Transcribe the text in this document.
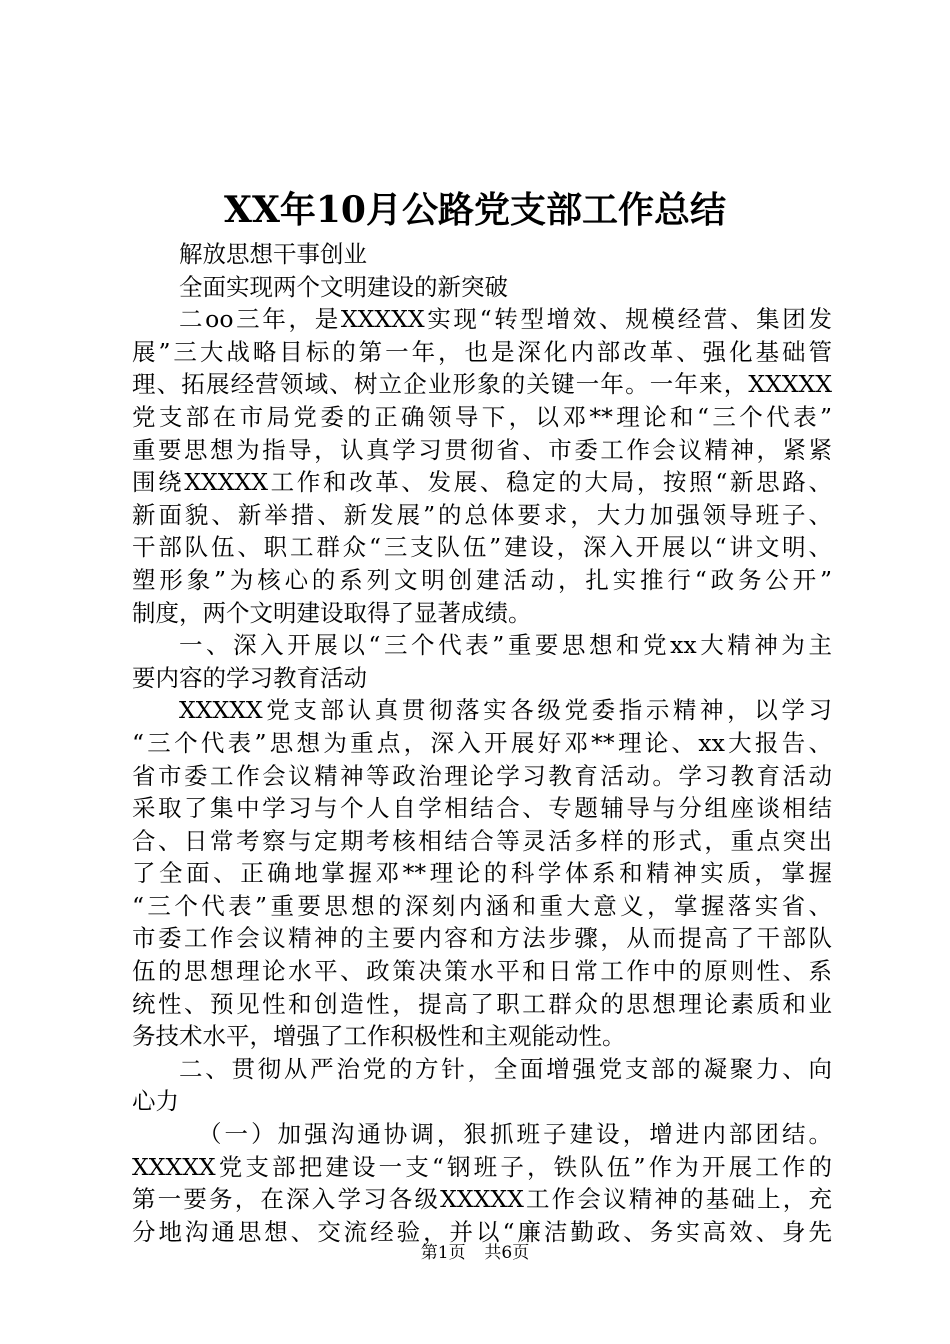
XX年10月公路党支部工作总结
解放思想干事创业
全面实现两个文明建设的新突破
二oo三年，是XXXXX实现“转型增效、规模经营、集团发
展”三大战略目标的第一年，也是深化内部改革、强化基础管
理、拓展经营领域、树立企业形象的关键一年。一年来，XXXXX
党支部在市局党委的正确领导下，以邓**理论和“三个代表”
重要思想为指导，认真学习贯彻省、市委工作会议精神，紧紧
围绕XXXXX工作和改革、发展、稳定的大局，按照“新思路、
新面貌、新举措、新发展”的总体要求，大力加强领导班子、
干部队伍、职工群众“三支队伍”建设，深入开展以“讲文明、
塑形象”为核心的系列文明创建活动，扎实推行“政务公开”
制度，两个文明建设取得了显著成绩。
一、深入开展以“三个代表”重要思想和党xx大精神为主
要内容的学习教育活动
XXXXX党支部认真贯彻落实各级党委指示精神，以学习
“三个代表”思想为重点，深入开展好邓**理论、xx大报告、
省市委工作会议精神等政治理论学习教育活动。学习教育活动
采取了集中学习与个人自学相结合、专题辅导与分组座谈相结
合、日常考察与定期考核相结合等灵活多样的形式，重点突出
了全面、正确地掌握邓**理论的科学体系和精神实质，掌握
“三个代表”重要思想的深刻内涵和重大意义，掌握落实省、
市委工作会议精神的主要内容和方法步骤，从而提高了干部队
伍的思想理论水平、政策决策水平和日常工作中的原则性、系
统性、预见性和创造性，提高了职工群众的思想理论素质和业
务技术水平，增强了工作积极性和主观能动性。
二、贯彻从严治党的方针，全面增强党支部的凝聚力、向
心力
（一）加强沟通协调，狠抓班子建设，增进内部团结。
XXXXX党支部把建设一支“钢班子，铁队伍”作为开展工作的
第一要务，在深入学习各级XXXXX工作会议精神的基础上，充
分地沟通思想、交流经验，并以“廉洁勤政、务实高效、身先
第1页 共6页
